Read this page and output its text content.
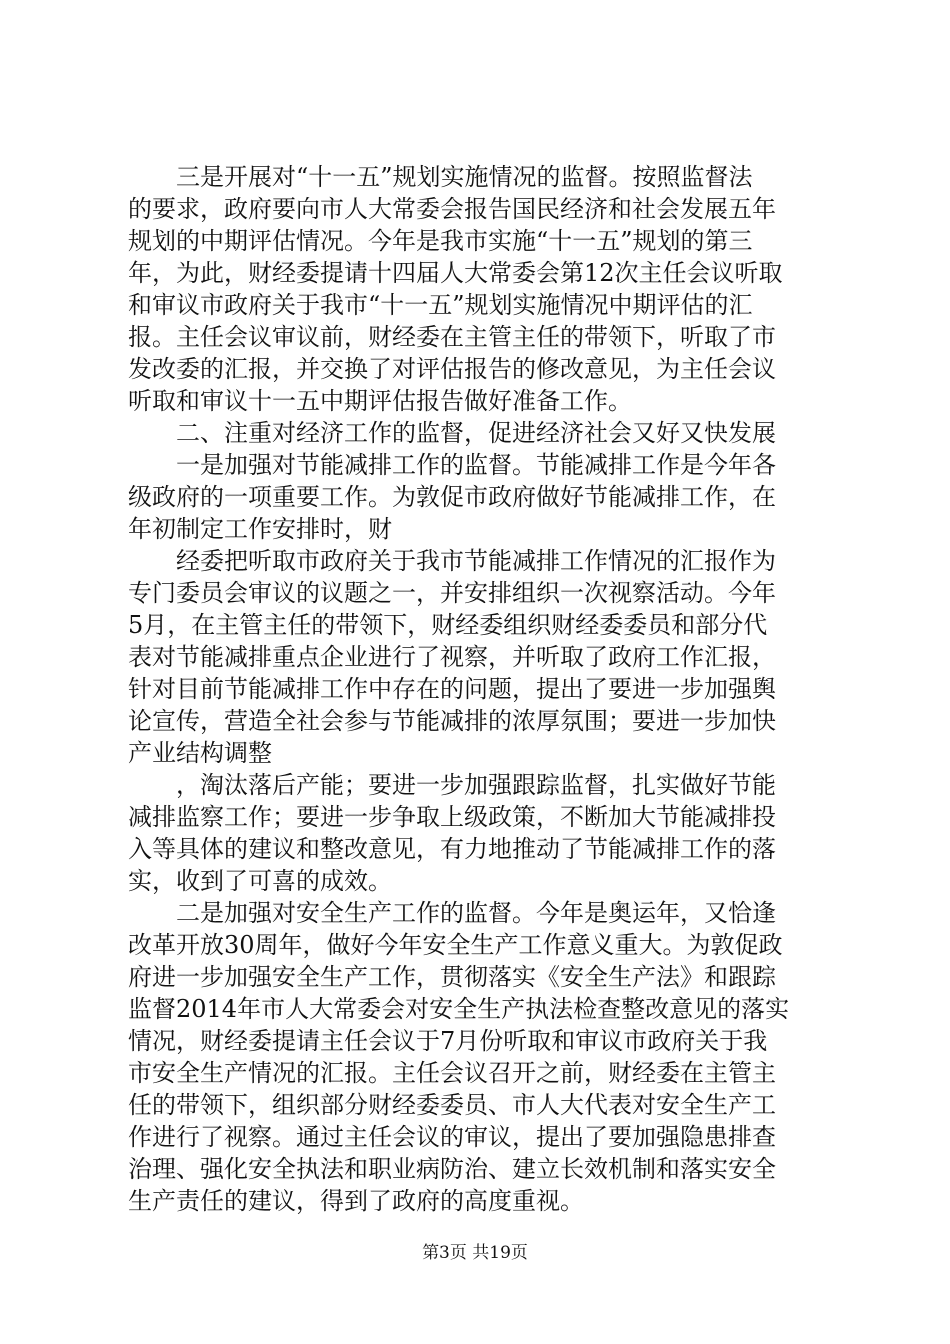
　　三是开展对“十一五”规划实施情况的监督。按照监督法
的要求，政府要向市人大常委会报告国民经济和社会发展五年
规划的中期评估情况。今年是我市实施“十一五”规划的第三
年，为此，财经委提请十四届人大常委会第12次主任会议听取
和审议市政府关于我市“十一五”规划实施情况中期评估的汇
报。主任会议审议前，财经委在主管主任的带领下，听取了市
发改委的汇报，并交换了对评估报告的修改意见，为主任会议
听取和审议十一五中期评估报告做好准备工作。
　　二、注重对经济工作的监督，促进经济社会又好又快发展
　　一是加强对节能减排工作的监督。节能减排工作是今年各
级政府的一项重要工作。为敦促市政府做好节能减排工作，在
年初制定工作安排时，财
　　经委把听取市政府关于我市节能减排工作情况的汇报作为
专门委员会审议的议题之一，并安排组织一次视察活动。今年
5月，在主管主任的带领下，财经委组织财经委委员和部分代
表对节能减排重点企业进行了视察，并听取了政府工作汇报，
针对目前节能减排工作中存在的问题，提出了要进一步加强舆
论宣传，营造全社会参与节能减排的浓厚氛围；要进一步加快
产业结构调整
　　，淘汰落后产能；要进一步加强跟踪监督，扎实做好节能
减排监察工作；要进一步争取上级政策，不断加大节能减排投
入等具体的建议和整改意见，有力地推动了节能减排工作的落
实，收到了可喜的成效。
　　二是加强对安全生产工作的监督。今年是奥运年，又恰逢
改革开放30周年，做好今年安全生产工作意义重大。为敦促政
府进一步加强安全生产工作，贯彻落实《安全生产法》和跟踪
监督2014年市人大常委会对安全生产执法检查整改意见的落实
情况，财经委提请主任会议于7月份听取和审议市政府关于我
市安全生产情况的汇报。主任会议召开之前，财经委在主管主
任的带领下，组织部分财经委委员、市人大代表对安全生产工
作进行了视察。通过主任会议的审议，提出了要加强隐患排查
治理、强化安全执法和职业病防治、建立长效机制和落实安全
生产责任的建议，得到了政府的高度重视。
第3页 共19页
